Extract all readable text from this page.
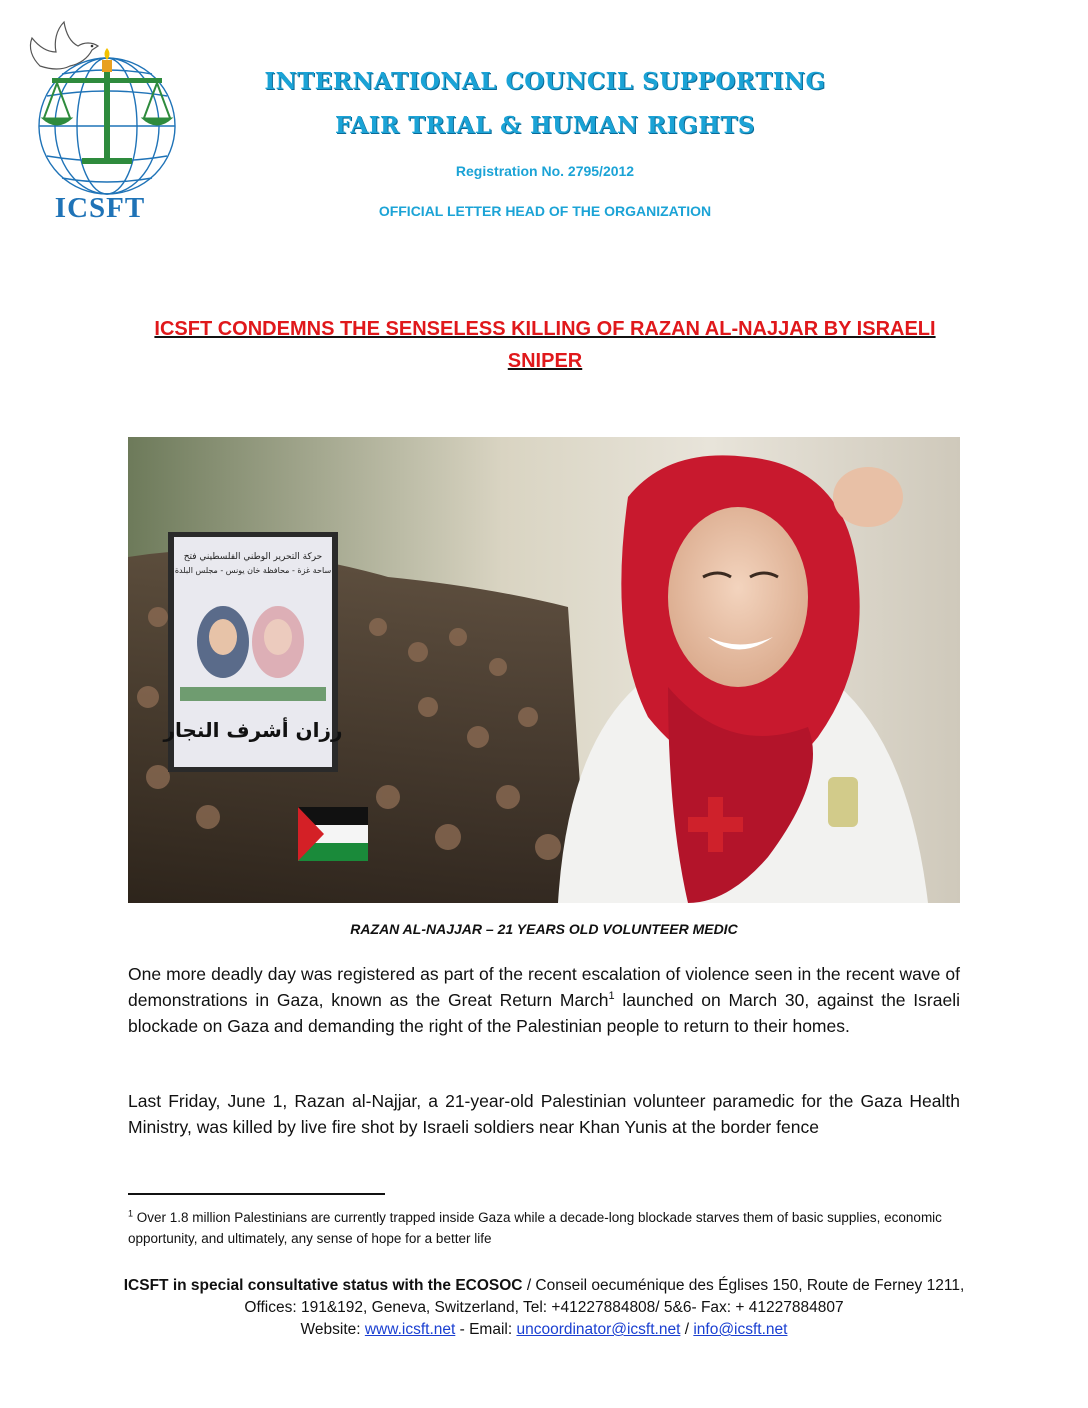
ICSFT
INTERNATIONAL COUNCIL SUPPORTING
FAIR TRIAL & HUMAN RIGHTS
Registration No. 2795/2012
OFFICIAL LETTER HEAD OF THE ORGANIZATION
ICSFT CONDEMNS THE SENSELESS KILLING OF RAZAN AL-NAJJAR BY ISRAELI
SNIPER
حركة التحرير الوطني الفلسطيني فتح
ساحة غزة - محافظة خان يونس - مجلس البلدة
رزان أشرف النجار
RAZAN AL-NAJJAR – 21 YEARS OLD VOLUNTEER MEDIC
One more deadly day was registered as part of the recent escalation of violence seen in the recent wave of demonstrations in Gaza, known as the Great Return March$^1$ launched on March 30, against the Israeli blockade on Gaza and demanding the right of the Palestinian people to return to their homes.
Last Friday, June 1, Razan al-Najjar, a 21-year-old Palestinian volunteer paramedic for the Gaza Health Ministry, was killed by live fire shot by Israeli soldiers near Khan Yunis at the border fence
$^1$ Over 1.8 million Palestinians are currently trapped inside Gaza while a decade-long blockade starves them of basic supplies, economic opportunity, and ultimately, any sense of hope for a better life
ICSFT in special consultative status with the ECOSOC / Conseil oecuménique des Églises 150, Route de Ferney 1211, Offices: 191&192, Geneva, Switzerland, Tel: +41227884808/ 5&6- Fax: + 41227884807
Website: www.icsft.net - Email: uncoordinator@icsft.net / info@icsft.net
